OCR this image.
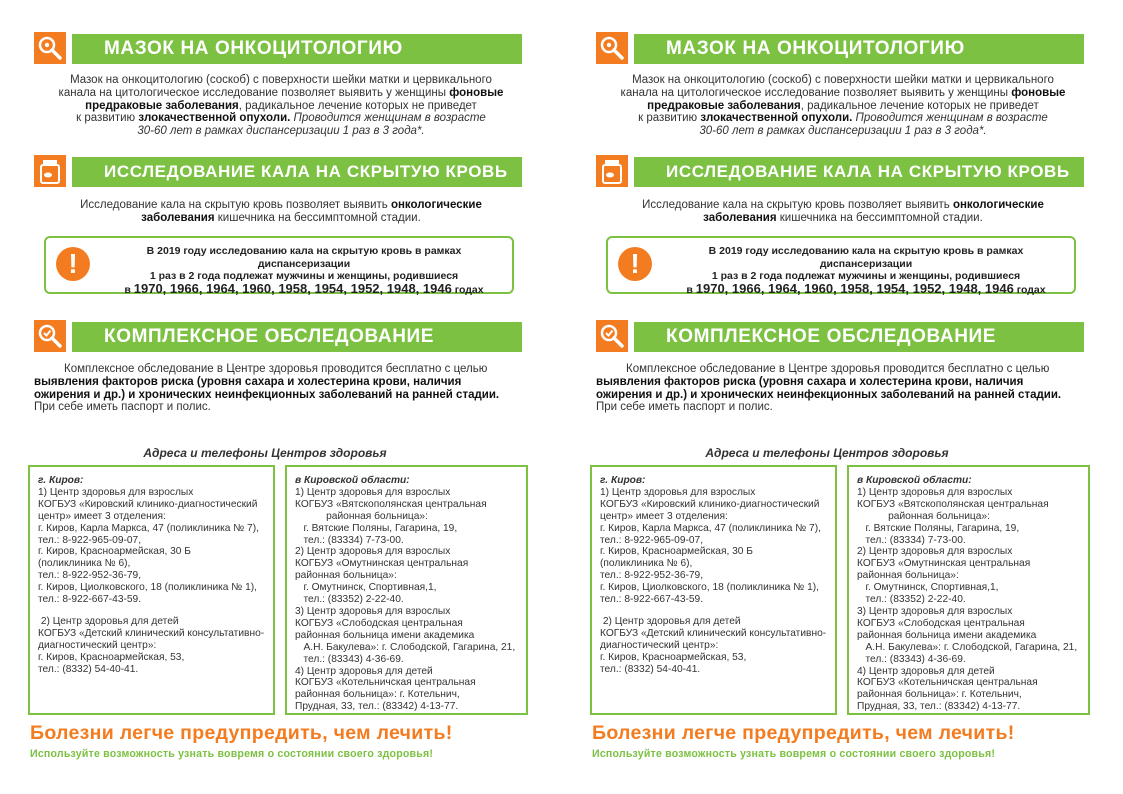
МАЗОК НА ОНКОЦИТОЛОГИЮ
Мазок на онкоцитологию (соскоб) с поверхности шейки матки и цервикального
канала на цитологическое исследование позволяет выявить у женщины фоновые
предраковые заболевания, радикальное лечение которых не приведет
к развитию злокачественной опухоли. Проводится женщинам в возрасте
30-60 лет в рамках диспансеризации 1 раз в 3 года*.
ИССЛЕДОВАНИЕ КАЛА НА СКРЫТУЮ КРОВЬ
Исследование кала на скрытую кровь позволяет выявить онкологические
заболевания кишечника на бессимптомной стадии.
!	В 2019 году исследованию кала на скрытую кровь в рамках диспансеризации
1 раз в 2 года подлежат мужчины и женщины, родившиеся
в 1970, 1966, 1964, 1960, 1958, 1954, 1952, 1948, 1946 годах
КОМПЛЕКСНОЕ ОБСЛЕДОВАНИЕ
Комплексное обследование в Центре здоровья проводится бесплатно с целью
выявления факторов риска (уровня сахара и холестерина крови, наличия
ожирения и др.) и хронических неинфекционных заболеваний на ранней стадии.
При себе иметь паспорт и полис.
Адреса и телефоны Центров здоровья
г. Киров:
1) Центр здоровья для взрослых
КОГБУЗ «Кировский клинико-диагностический
центр» имеет 3 отделения:
г. Киров, Карла Маркса, 47 (поликлиника № 7),
тел.: 8-922-965-09-07,
г. Киров, Красноармейская, 30 Б
(поликлиника № 6),
тел.: 8-922-952-36-79,
г. Киров, Циолковского, 18 (поликлиника № 1),
тел.: 8-922-667-43-59.
2) Центр здоровья для детей
КОГБУЗ «Детский клинический консультативно-
диагностический центр»:
г. Киров, Красноармейская, 53,
тел.: (8332) 54-40-41.
в Кировской области:
1) Центр здоровья для взрослых
КОГБУЗ «Вятскополянская центральная
районная больница»:
г. Вятские Поляны, Гагарина, 19,
тел.: (83334) 7-73-00.
2) Центр здоровья для взрослых
КОГБУЗ «Омутнинская центральная
районная больница»:
г. Омутнинск, Спортивная,1,
тел.: (83352) 2-22-40.
3) Центр здоровья для взрослых
КОГБУЗ «Слободская центральная
районная больница имени академика
А.Н. Бакулева»: г. Слободской, Гагарина, 21,
тел.: (83343) 4-36-69.
4) Центр здоровья для детей
КОГБУЗ «Котельничская центральная
районная больница»: г. Котельнич,
Прудная, 33, тел.: (83342) 4-13-77.
Болезни легче предупредить, чем лечить!
Используйте возможность узнать вовремя о состоянии своего здоровья!
МАЗОК НА ОНКОЦИТОЛОГИЮ
Мазок на онкоцитологию (соскоб) с поверхности шейки матки и цервикального
канала на цитологическое исследование позволяет выявить у женщины фоновые
предраковые заболевания, радикальное лечение которых не приведет
к развитию злокачественной опухоли. Проводится женщинам в возрасте
30-60 лет в рамках диспансеризации 1 раз в 3 года*.
ИССЛЕДОВАНИЕ КАЛА НА СКРЫТУЮ КРОВЬ
Исследование кала на скрытую кровь позволяет выявить онкологические
заболевания кишечника на бессимптомной стадии.
!	В 2019 году исследованию кала на скрытую кровь в рамках диспансеризации
1 раз в 2 года подлежат мужчины и женщины, родившиеся
в 1970, 1966, 1964, 1960, 1958, 1954, 1952, 1948, 1946 годах
КОМПЛЕКСНОЕ ОБСЛЕДОВАНИЕ
Комплексное обследование в Центре здоровья проводится бесплатно с целью
выявления факторов риска (уровня сахара и холестерина крови, наличия
ожирения и др.) и хронических неинфекционных заболеваний на ранней стадии.
При себе иметь паспорт и полис.
Адреса и телефоны Центров здоровья
г. Киров:
1) Центр здоровья для взрослых
КОГБУЗ «Кировский клинико-диагностический
центр» имеет 3 отделения:
г. Киров, Карла Маркса, 47 (поликлиника № 7),
тел.: 8-922-965-09-07,
г. Киров, Красноармейская, 30 Б
(поликлиника № 6),
тел.: 8-922-952-36-79,
г. Киров, Циолковского, 18 (поликлиника № 1),
тел.: 8-922-667-43-59.
2) Центр здоровья для детей
КОГБУЗ «Детский клинический консультативно-
диагностический центр»:
г. Киров, Красноармейская, 53,
тел.: (8332) 54-40-41.
в Кировской области:
1) Центр здоровья для взрослых
КОГБУЗ «Вятскополянская центральная
районная больница»:
г. Вятские Поляны, Гагарина, 19,
тел.: (83334) 7-73-00.
2) Центр здоровья для взрослых
КОГБУЗ «Омутнинская центральная
районная больница»:
г. Омутнинск, Спортивная,1,
тел.: (83352) 2-22-40.
3) Центр здоровья для взрослых
КОГБУЗ «Слободская центральная
районная больница имени академика
А.Н. Бакулева»: г. Слободской, Гагарина, 21,
тел.: (83343) 4-36-69.
4) Центр здоровья для детей
КОГБУЗ «Котельничская центральная
районная больница»: г. Котельнич,
Прудная, 33, тел.: (83342) 4-13-77.
Болезни легче предупредить, чем лечить!
Используйте возможность узнать вовремя о состоянии своего здоровья!
